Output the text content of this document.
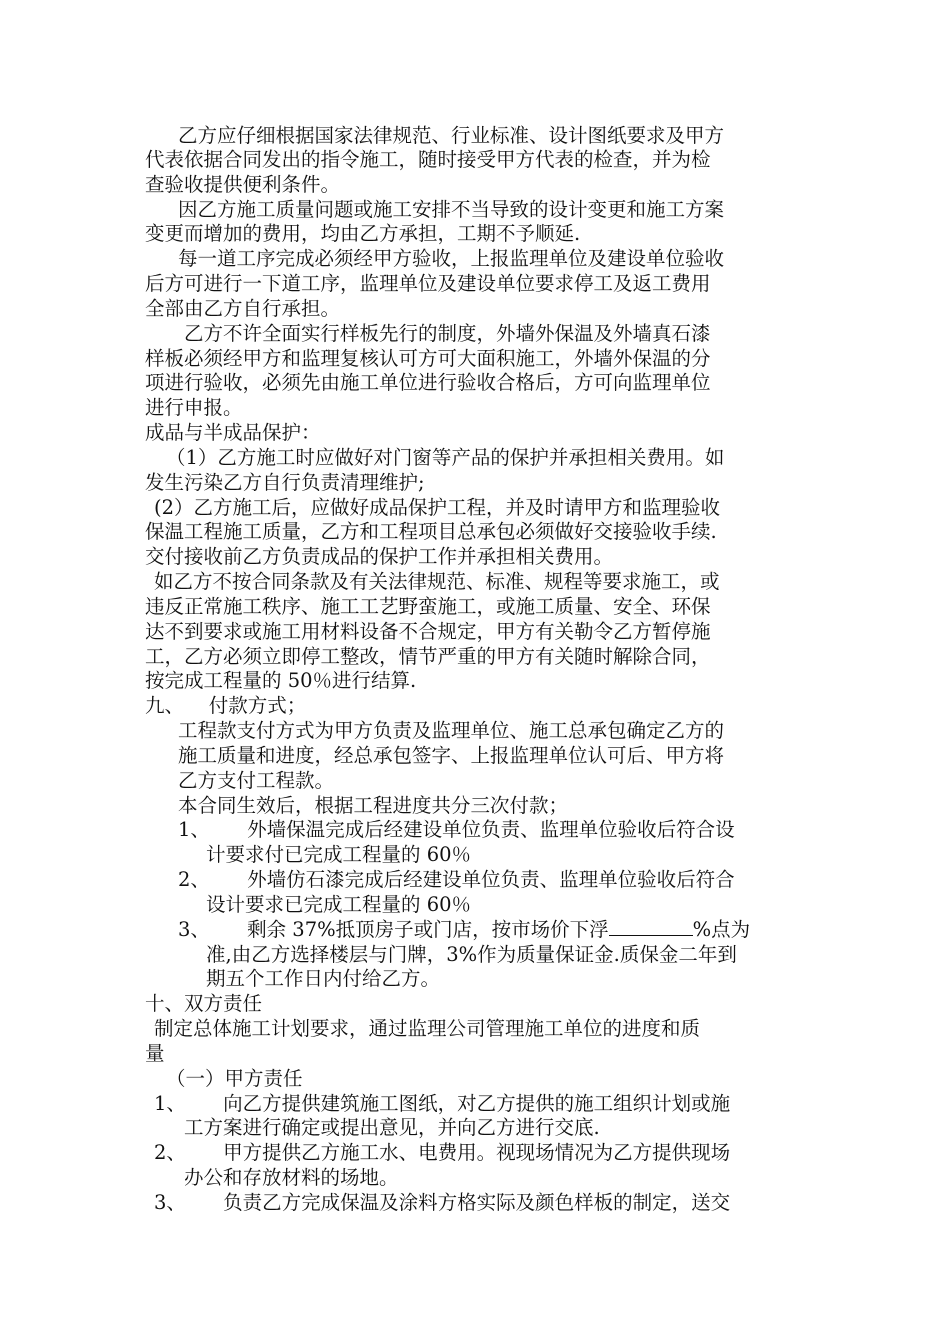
乙方应仔细根据国家法律规范、行业标准、设计图纸要求及甲方
代表依据合同发出的指令施工，随时接受甲方代表的检查，并为检
查验收提供便利条件。
因乙方施工质量问题或施工安排不当导致的设计变更和施工方案
变更而增加的费用，均由乙方承担，工期不予顺延.
每一道工序完成必须经甲方验收，上报监理单位及建设单位验收
后方可进行一下道工序，监理单位及建设单位要求停工及返工费用
全部由乙方自行承担。
乙方不许全面实行样板先行的制度，外墙外保温及外墙真石漆
样板必须经甲方和监理复核认可方可大面积施工，外墙外保温的分
项进行验收，必须先由施工单位进行验收合格后，方可向监理单位
进行申报。
成品与半成品保护：
（1）乙方施工时应做好对门窗等产品的保护并承担相关费用。如
发生污染乙方自行负责清理维护;
(2）乙方施工后，应做好成品保护工程，并及时请甲方和监理验收
保温工程施工质量，乙方和工程项目总承包必须做好交接验收手续.
交付接收前乙方负责成品的保护工作并承担相关费用。
如乙方不按合同条款及有关法律规范、标准、规程等要求施工，或
违反正常施工秩序、施工工艺野蛮施工，或施工质量、安全、环保
达不到要求或施工用材料设备不合规定，甲方有关勒令乙方暂停施
工，乙方必须立即停工整改，情节严重的甲方有关随时解除合同，
按完成工程量的 50％进行结算.
九、    付款方式；
工程款支付方式为甲方负责及监理单位、施工总承包确定乙方的
施工质量和进度，经总承包签字、上报监理单位认可后、甲方将
乙方支付工程款。
本合同生效后，根据工程进度共分三次付款；
1、      外墙保温完成后经建设单位负责、监理单位验收后符合设
计要求付已完成工程量的 60％
2、      外墙仿石漆完成后经建设单位负责、监理单位验收后符合
设计要求已完成工程量的 60％
3、      剩余 37%抵顶房子或门店，按市场价下浮	%点为
准,由乙方选择楼层与门牌，3%作为质量保证金.质保金二年到
期五个工作日内付给乙方。
十、双方责任
制定总体施工计划要求，通过监理公司管理施工单位的进度和质
量
（一）甲方责任
1、      向乙方提供建筑施工图纸，对乙方提供的施工组织计划或施
工方案进行确定或提出意见，并向乙方进行交底.
2、      甲方提供乙方施工水、电费用。视现场情况为乙方提供现场
办公和存放材料的场地。
3、      负责乙方完成保温及涂料方格实际及颜色样板的制定，送交
